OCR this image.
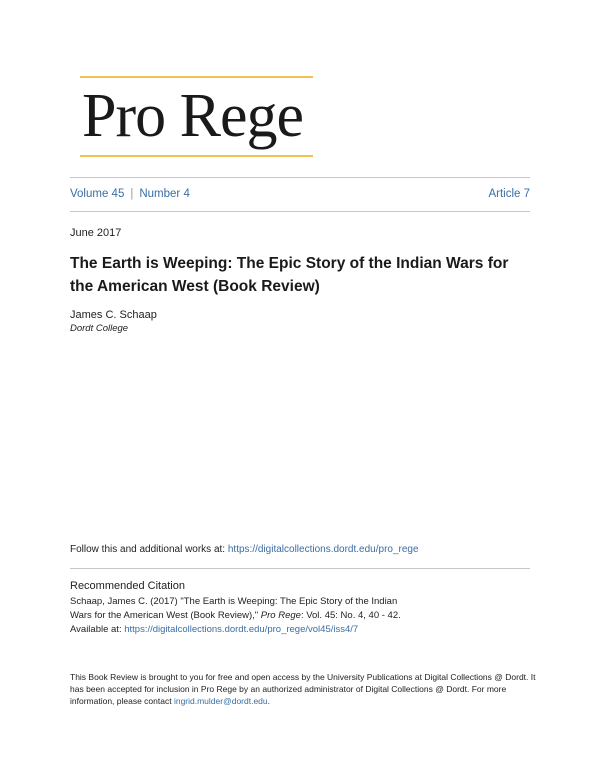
Pro Rege
Volume 45 | Number 4	Article 7
June 2017
The Earth is Weeping: The Epic Story of the Indian Wars for the American West (Book Review)
James C. Schaap
Dordt College
Follow this and additional works at: https://digitalcollections.dordt.edu/pro_rege
Recommended Citation
Schaap, James C. (2017) "The Earth is Weeping: The Epic Story of the Indian Wars for the American West (Book Review)," Pro Rege: Vol. 45: No. 4, 40 - 42.
Available at: https://digitalcollections.dordt.edu/pro_rege/vol45/iss4/7
This Book Review is brought to you for free and open access by the University Publications at Digital Collections @ Dordt. It has been accepted for inclusion in Pro Rege by an authorized administrator of Digital Collections @ Dordt. For more information, please contact ingrid.mulder@dordt.edu.
